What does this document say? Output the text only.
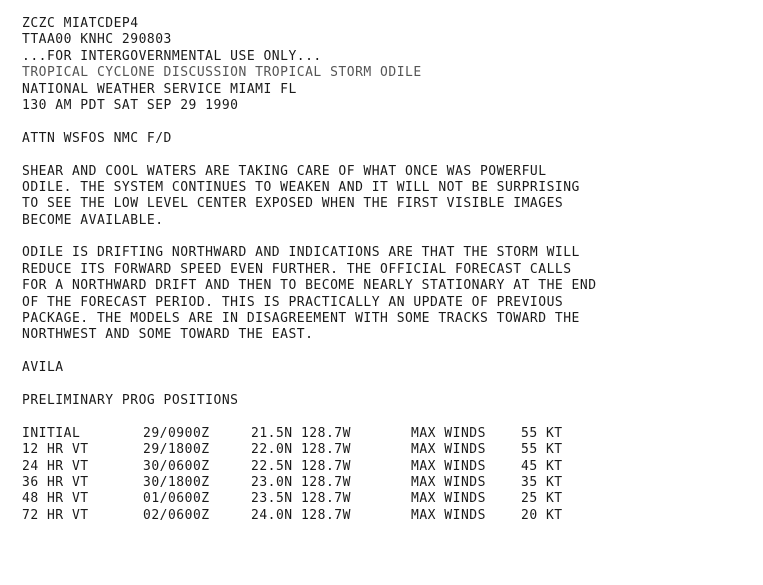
ZCZC MIATCDEP4
TTAA00 KNHC 290803
...FOR INTERGOVERNMENTAL USE ONLY...
TROPICAL CYCLONE DISCUSSION TROPICAL STORM ODILE
NATIONAL WEATHER SERVICE MIAMI FL
130 AM PDT SAT SEP 29 1990
ATTN WSFOS NMC F/D
SHEAR AND COOL WATERS ARE TAKING CARE OF WHAT ONCE WAS POWERFUL
ODILE. THE SYSTEM CONTINUES TO WEAKEN AND IT WILL NOT BE SURPRISING
TO SEE THE LOW LEVEL CENTER EXPOSED WHEN THE FIRST VISIBLE IMAGES
BECOME AVAILABLE.
ODILE IS DRIFTING NORTHWARD AND INDICATIONS ARE THAT THE STORM WILL
REDUCE ITS FORWARD SPEED EVEN FURTHER. THE OFFICIAL FORECAST CALLS
FOR A NORTHWARD DRIFT AND THEN TO BECOME NEARLY STATIONARY AT THE END
OF THE FORECAST PERIOD. THIS IS PRACTICALLY AN UPDATE OF PREVIOUS
PACKAGE. THE MODELS ARE IN DISAGREEMENT WITH SOME TRACKS TOWARD THE
NORTHWEST AND SOME TOWARD THE EAST.
AVILA
PRELIMINARY PROG POSITIONS
INITIAL	29/0900Z	21.5N 128.7W	MAX WINDS	55 KT
12 HR VT	29/1800Z	22.0N 128.7W	MAX WINDS	55 KT
24 HR VT	30/0600Z	22.5N 128.7W	MAX WINDS	45 KT
36 HR VT	30/1800Z	23.0N 128.7W	MAX WINDS	35 KT
48 HR VT	01/0600Z	23.5N 128.7W	MAX WINDS	25 KT
72 HR VT	02/0600Z	24.0N 128.7W	MAX WINDS	20 KT
